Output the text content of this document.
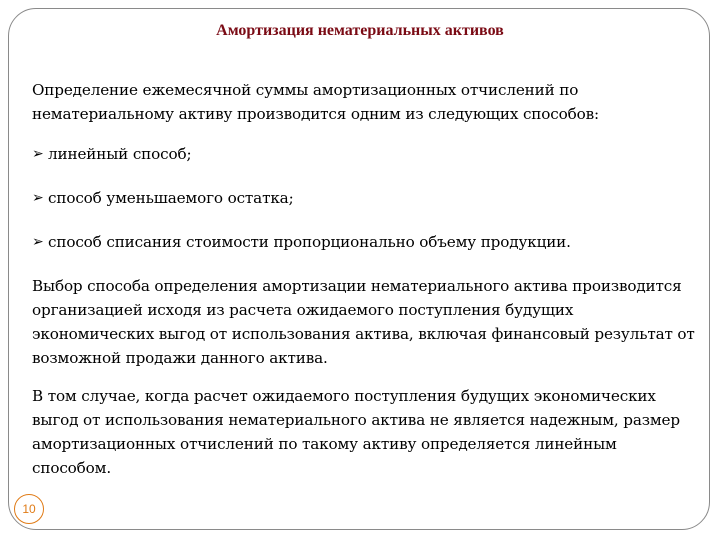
Амортизация нематериальных активов

Определение ежемесячной суммы амортизационных отчислений по нематериальному активу производится одним из следующих способов:

➢ линейный способ;

➢ способ уменьшаемого остатка;

➢ способ списания стоимости пропорционально объему продукции.

Выбор способа определения амортизации нематериального актива производится организацией исходя из расчета ожидаемого поступления будущих экономических выгод от использования актива, включая финансовый результат от возможной продажи данного актива.

В том случае, когда расчет ожидаемого поступления будущих экономических выгод от использования нематериального актива не является надежным, размер амортизационных отчислений по такому активу определяется линейным способом.

10
